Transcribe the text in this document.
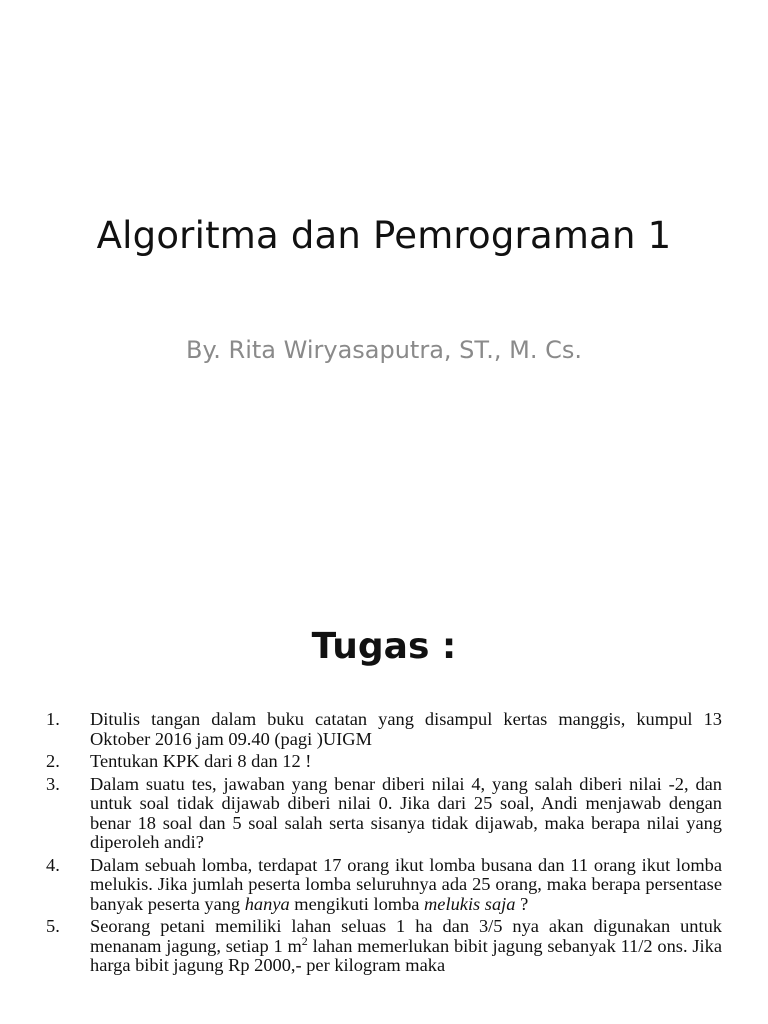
Algoritma dan Pemrograman 1

By. Rita Wiryasaputra, ST., M. Cs.

Tugas :
1.	Ditulis tangan dalam buku catatan yang disampul kertas manggis, kumpul 13 Oktober 2016 jam 09.40 (pagi )UIGM
2.	Tentukan KPK dari 8 dan 12 !
3.	Dalam suatu tes, jawaban yang benar diberi nilai 4, yang salah diberi nilai -2, dan untuk soal tidak dijawab diberi nilai 0. Jika dari 25 soal, Andi menjawab dengan benar 18 soal dan 5 soal salah serta sisanya tidak dijawab, maka berapa nilai yang diperoleh andi?
4.	Dalam sebuah lomba, terdapat 17 orang ikut lomba busana dan 11 orang ikut lomba melukis. Jika jumlah peserta lomba seluruhnya ada 25 orang, maka berapa persentase banyak peserta yang hanya mengikuti lomba melukis saja ?
5.	Seorang petani memiliki lahan seluas 1 ha dan 3/5 nya akan digunakan untuk menanam jagung, setiap 1 $m^2$ lahan memerlukan bibit jagung sebanyak 11/2 ons. Jika harga bibit jagung Rp 2000,- per kilogram maka
